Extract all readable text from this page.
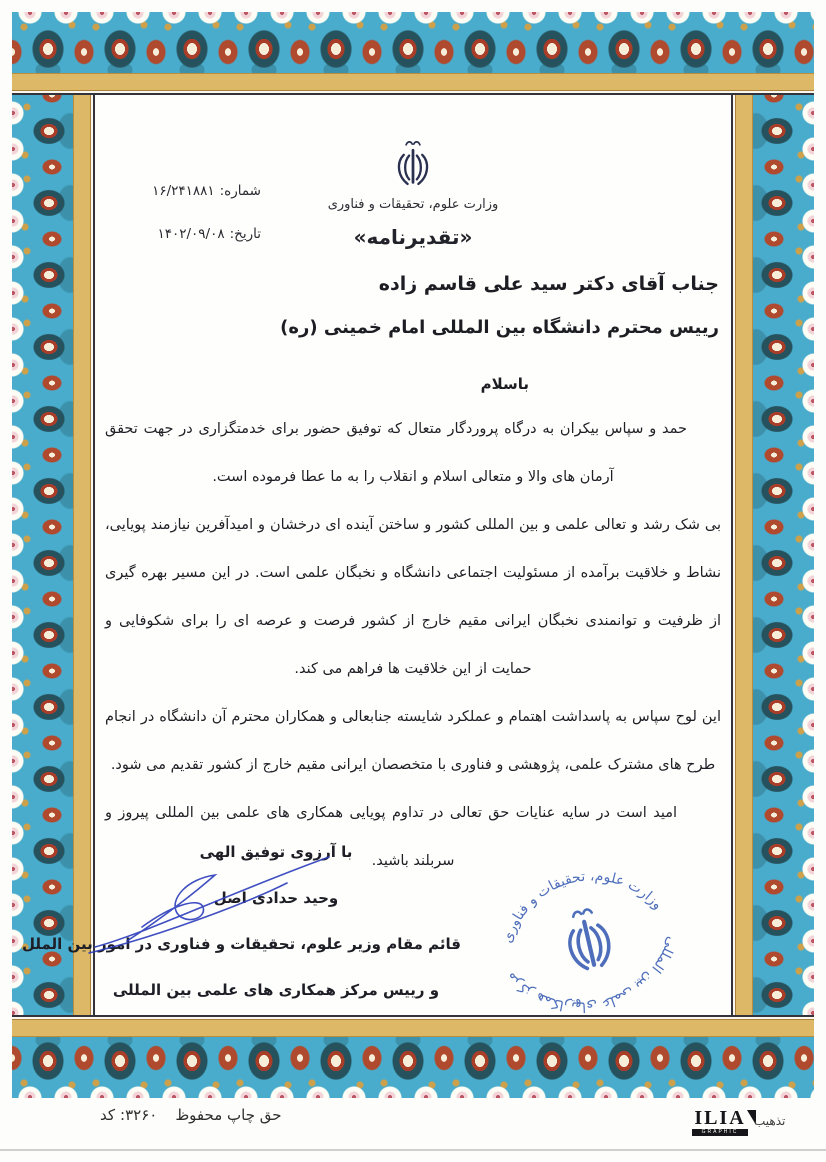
وزارت علوم، تحقیقات و فناوری
«تقدیرنامه»
شماره:
۱۶/۲۴۱۸۸۱
تاریخ:
۱۴۰۲/۰۹/۰۸
جناب آقای دکتر سید علی قاسم زاده
رییس محترم دانشگاه بین المللی امام خمینی (ره)
باسلام

حمد و سپاس بیکران به درگاه پروردگار متعال که توفیق حضور برای خدمتگزاری در جهت تحقق آرمان های والا و متعالی اسلام و انقلاب را به ما عطا فرموده است.

بی شک رشد و تعالی علمی و بین المللی کشور و ساختن آینده ای درخشان و امیدآفرین نیازمند پویایی، نشاط و خلاقیت برآمده از مسئولیت اجتماعی دانشگاه و نخبگان علمی است. در این مسیر بهره گیری از ظرفیت و توانمندی نخبگان ایرانی مقیم خارج از کشور فرصت و عرصه ای را برای شکوفایی و حمایت از این خلاقیت ها فراهم می کند.

این لوح سپاس به پاسداشت اهتمام و عملکرد شایسته جنابعالی و همکاران محترم آن دانشگاه در انجام طرح های مشترک علمی، پژوهشی و فناوری با متخصصان ایرانی مقیم خارج از کشور تقدیم می شود.

امید است در سایه عنایات حق تعالی در تداوم پویایی همکاری های علمی بین المللی پیروز و سربلند باشید.

با آرزوی توفیق الهی
وحید حدادی اصل
قائم مقام وزیر علوم، تحقیقات و فناوری در امور بین الملل
و رییس مرکز همکاری های علمی بین المللی
وزارت علوم، تحقیقات و فناوری
مرکز همکاریهای علمی بین المللی
کد : ۳۲۶۰ حق چاپ محفوظ	ILIA
GRAPHIC
تذهیب
